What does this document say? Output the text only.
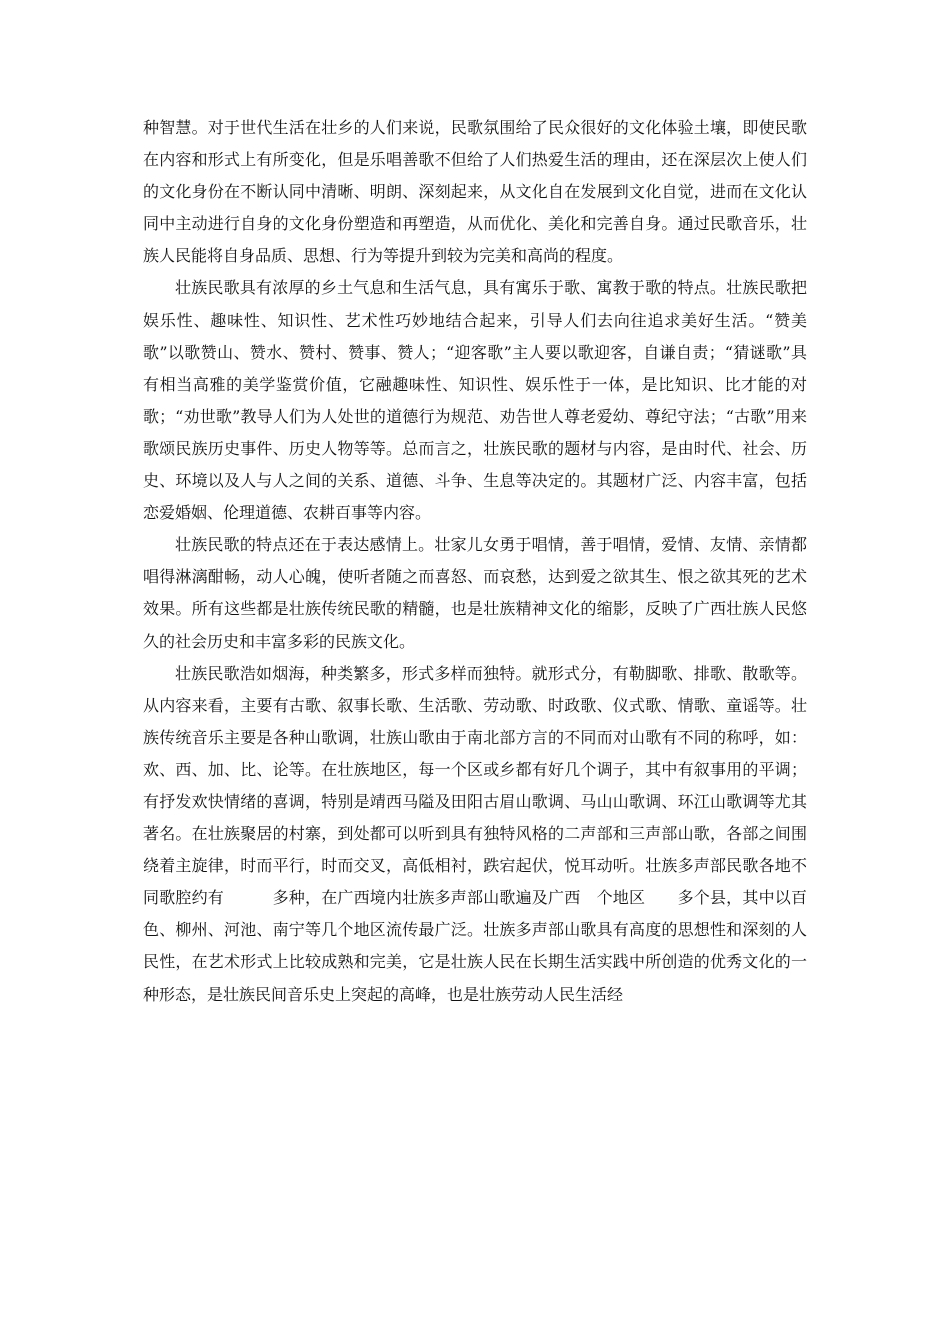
种智慧。对于世代生活在壮乡的人们来说，民歌氛围给了民众很好的文化体验土壤，即使民歌在内容和形式上有所变化，但是乐唱善歌不但给了人们热爱生活的理由，还在深层次上使人们的文化身份在不断认同中清晰、明朗、深刻起来，从文化自在发展到文化自觉，进而在文化认同中主动进行自身的文化身份塑造和再塑造，从而优化、美化和完善自身。通过民歌音乐，壮族人民能将自身品质、思想、行为等提升到较为完美和高尚的程度。

壮族民歌具有浓厚的乡土气息和生活气息，具有寓乐于歌、寓教于歌的特点。壮族民歌把娱乐性、趣味性、知识性、艺术性巧妙地结合起来，引导人们去向往追求美好生活。“赞美歌”以歌赞山、赞水、赞村、赞事、赞人；“迎客歌”主人要以歌迎客，自谦自责；“猜谜歌”具有相当高雅的美学鉴赏价值，它融趣味性、知识性、娱乐性于一体，是比知识、比才能的对歌；“劝世歌”教导人们为人处世的道德行为规范、劝告世人尊老爱幼、尊纪守法；“古歌”用来歌颂民族历史事件、历史人物等等。总而言之，壮族民歌的题材与内容，是由时代、社会、历史、环境以及人与人之间的关系、道德、斗争、生息等决定的。其题材广泛、内容丰富，包括恋爱婚姻、伦理道德、农耕百事等内容。

壮族民歌的特点还在于表达感情上。壮家儿女勇于唱情，善于唱情，爱情、友情、亲情都唱得淋漓酣畅，动人心魄，使听者随之而喜怒、而哀愁，达到爱之欲其生、恨之欲其死的艺术效果。所有这些都是壮族传统民歌的精髓，也是壮族精神文化的缩影，反映了广西壮族人民悠久的社会历史和丰富多彩的民族文化。

壮族民歌浩如烟海，种类繁多，形式多样而独特。就形式分，有勒脚歌、排歌、散歌等。从内容来看，主要有古歌、叙事长歌、生活歌、劳动歌、时政歌、仪式歌、情歌、童谣等。壮族传统音乐主要是各种山歌调，壮族山歌由于南北部方言的不同而对山歌有不同的称呼，如：欢、西、加、比、论等。在壮族地区，每一个区或乡都有好几个调子，其中有叙事用的平调；有抒发欢快情绪的喜调，特别是靖西马隘及田阳古眉山歌调、马山山歌调、环江山歌调等尤其著名。在壮族聚居的村寨，到处都可以听到具有独特风格的二声部和三声部山歌，各部之间围绕着主旋律，时而平行，时而交叉，高低相衬，跌宕起伏，悦耳动听。壮族多声部民歌各地不同歌腔约有　　　多种，在广西境内壮族多声部山歌遍及广西　个地区　　多个县，其中以百色、柳州、河池、南宁等几个地区流传最广泛。壮族多声部山歌具有高度的思想性和深刻的人民性，在艺术形式上比较成熟和完美，它是壮族人民在长期生活实践中所创造的优秀文化的一种形态，是壮族民间音乐史上突起的高峰，也是壮族劳动人民生活经
